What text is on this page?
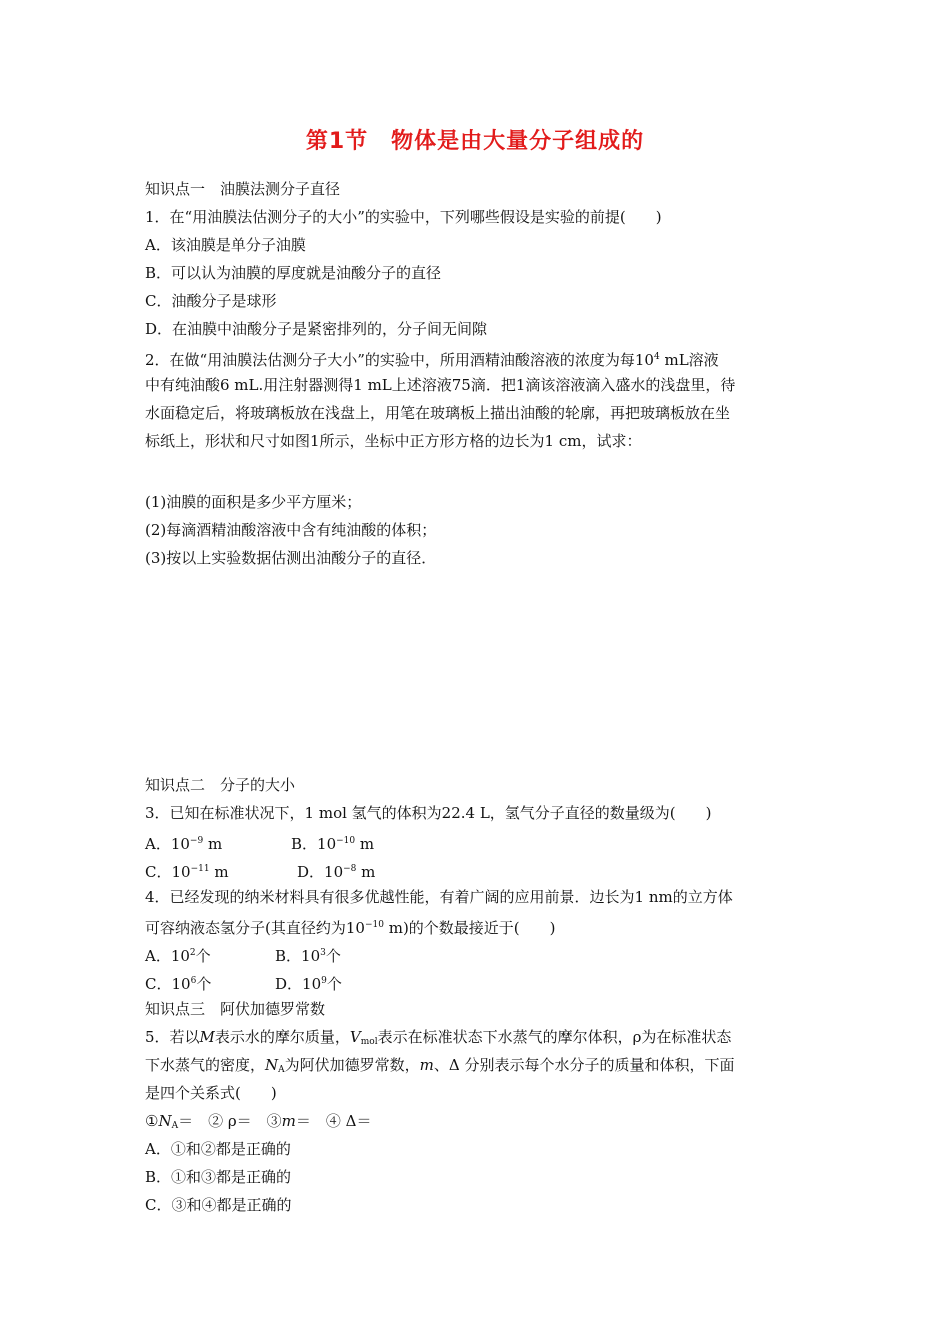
第1节　物体是由大量分子组成的
知识点一　油膜法测分子直径
1．在“用油膜法估测分子的大小”的实验中，下列哪些假设是实验的前提(　　)
A．该油膜是单分子油膜
B．可以认为油膜的厚度就是油酸分子的直径
C．油酸分子是球形
D．在油膜中油酸分子是紧密排列的，分子间无间隙
2．在做“用油膜法估测分子大小”的实验中，所用酒精油酸溶液的浓度为每$10^4$ mL溶液
中有纯油酸6 mL.用注射器测得1 mL上述溶液75滴．把1滴该溶液滴入盛水的浅盘里，待
水面稳定后，将玻璃板放在浅盘上，用笔在玻璃板上描出油酸的轮廓，再把玻璃板放在坐
标纸上，形状和尺寸如图1所示，坐标中正方形方格的边长为1 cm，试求：
(1)油膜的面积是多少平方厘米；
(2)每滴酒精油酸溶液中含有纯油酸的体积；
(3)按以上实验数据估测出油酸分子的直径．
知识点二　分子的大小
3．已知在标准状况下，1 mol 氢气的体积为22.4 L，氢气分子直径的数量级为(　　)
A．$10^{-9}$ m	B．$10^{-10}$ m
C．$10^{-11}$ m	D．$10^{-8}$ m
4．已经发现的纳米材料具有很多优越性能，有着广阔的应用前景．边长为1 nm的立方体
可容纳液态氢分子(其直径约为$10^{-10}$ m)的个数最接近于(　　)
A．$10^2$个	B．$10^3$个
C．$10^6$个	D．$10^9$个
知识点三　阿伏加德罗常数
5．若以M表示水的摩尔质量，$V_{mol}$表示在标准状态下水蒸气的摩尔体积，ρ为在标准状态
下水蒸气的密度，$N_A$为阿伏加德罗常数，m、Δ 分别表示每个水分子的质量和体积，下面
是四个关系式(　　)
$①N_A=$　② ρ＝　③m＝　④ Δ＝
A．①和②都是正确的
B．①和③都是正确的
C．③和④都是正确的
